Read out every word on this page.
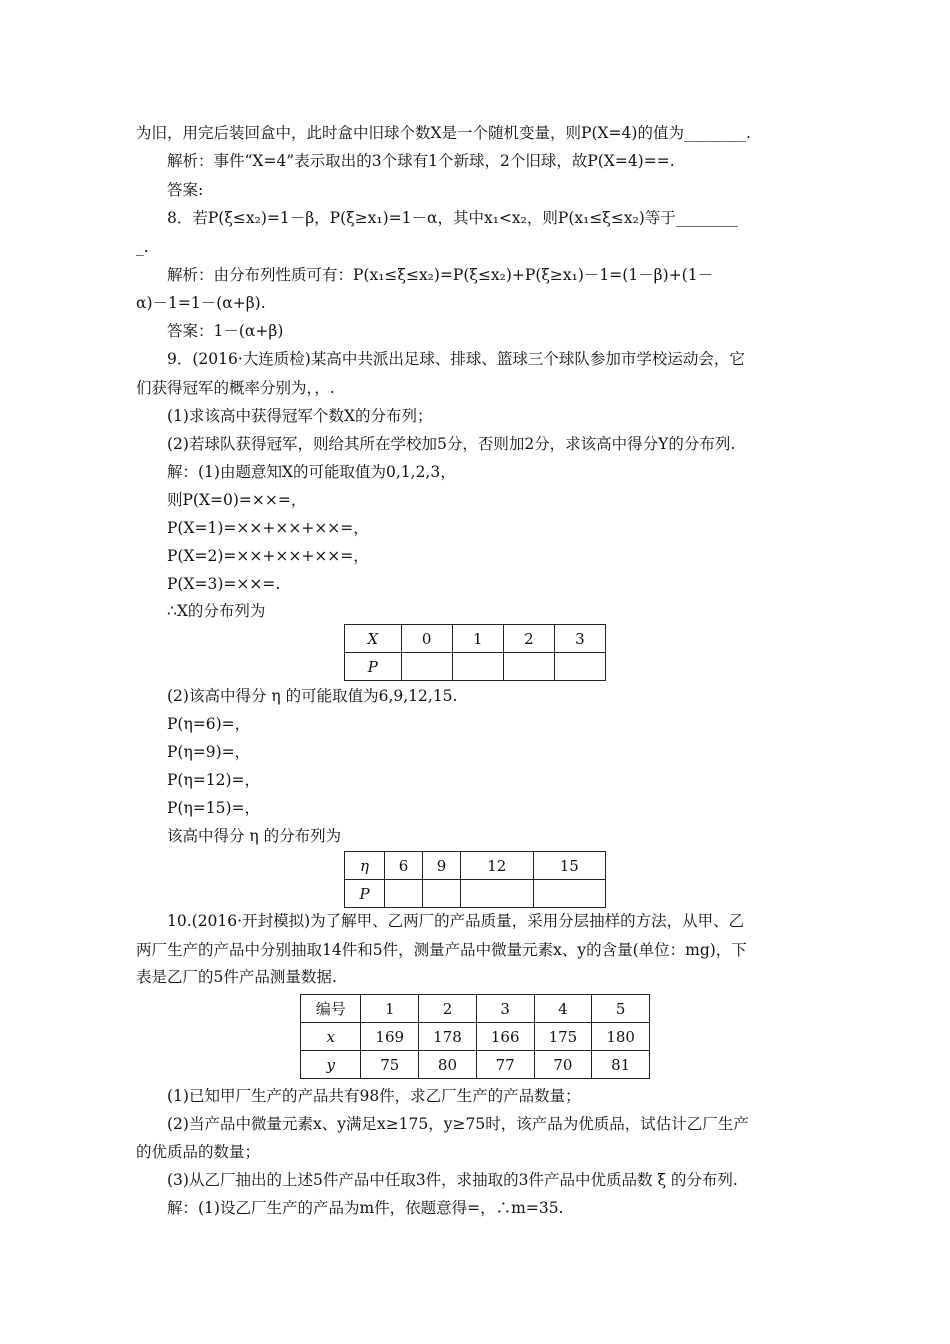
为旧，用完后装回盒中，此时盒中旧球个数X是一个随机变量，则P(X=4)的值为________.
解析：事件“X=4”表示取出的3个球有1个新球，2个旧球，故P(X=4)==.
答案:
8．若P(ξ≤x₂)=1－β，P(ξ≥x₁)=1－α，其中x₁<x₂，则P(x₁≤ξ≤x₂)等于________
_.
解析：由分布列性质可有：P(x₁≤ξ≤x₂)=P(ξ≤x₂)+P(ξ≥x₁)－1=(1－β)+(1－
α)－1=1－(α+β).
答案：1－(α+β)
9．(2016·大连质检)某高中共派出足球、排球、篮球三个球队参加市学校运动会，它
们获得冠军的概率分别为，，.
(1)求该高中获得冠军个数X的分布列；
(2)若球队获得冠军，则给其所在学校加5分，否则加2分，求该高中得分Y的分布列.
解：(1)由题意知X的可能取值为0,1,2,3，
则P(X=0)=××=，
P(X=1)=××+××+××=，
P(X=2)=××+××+××=，
P(X=3)=××=.
∴X的分布列为
X	0	1	2	3
P				
(2)该高中得分 η 的可能取值为6,9,12,15.
P(η=6)=，
P(η=9)=，
P(η=12)=，
P(η=15)=，
该高中得分 η 的分布列为
η	6	9	12	15
P				
10.(2016·开封模拟)为了解甲、乙两厂的产品质量，采用分层抽样的方法，从甲、乙
两厂生产的产品中分别抽取14件和5件，测量产品中微量元素x、y的含量(单位：mg)，下
表是乙厂的5件产品测量数据.
编号	1	2	3	4	5
x	169	178	166	175	180
y	75	80	77	70	81
(1)已知甲厂生产的产品共有98件，求乙厂生产的产品数量；
(2)当产品中微量元素x、y满足x≥175，y≥75时，该产品为优质品，试估计乙厂生产
的优质品的数量；
(3)从乙厂抽出的上述5件产品中任取3件，求抽取的3件产品中优质品数 ξ 的分布列.
解：(1)设乙厂生产的产品为m件，依题意得=，∴m=35.
